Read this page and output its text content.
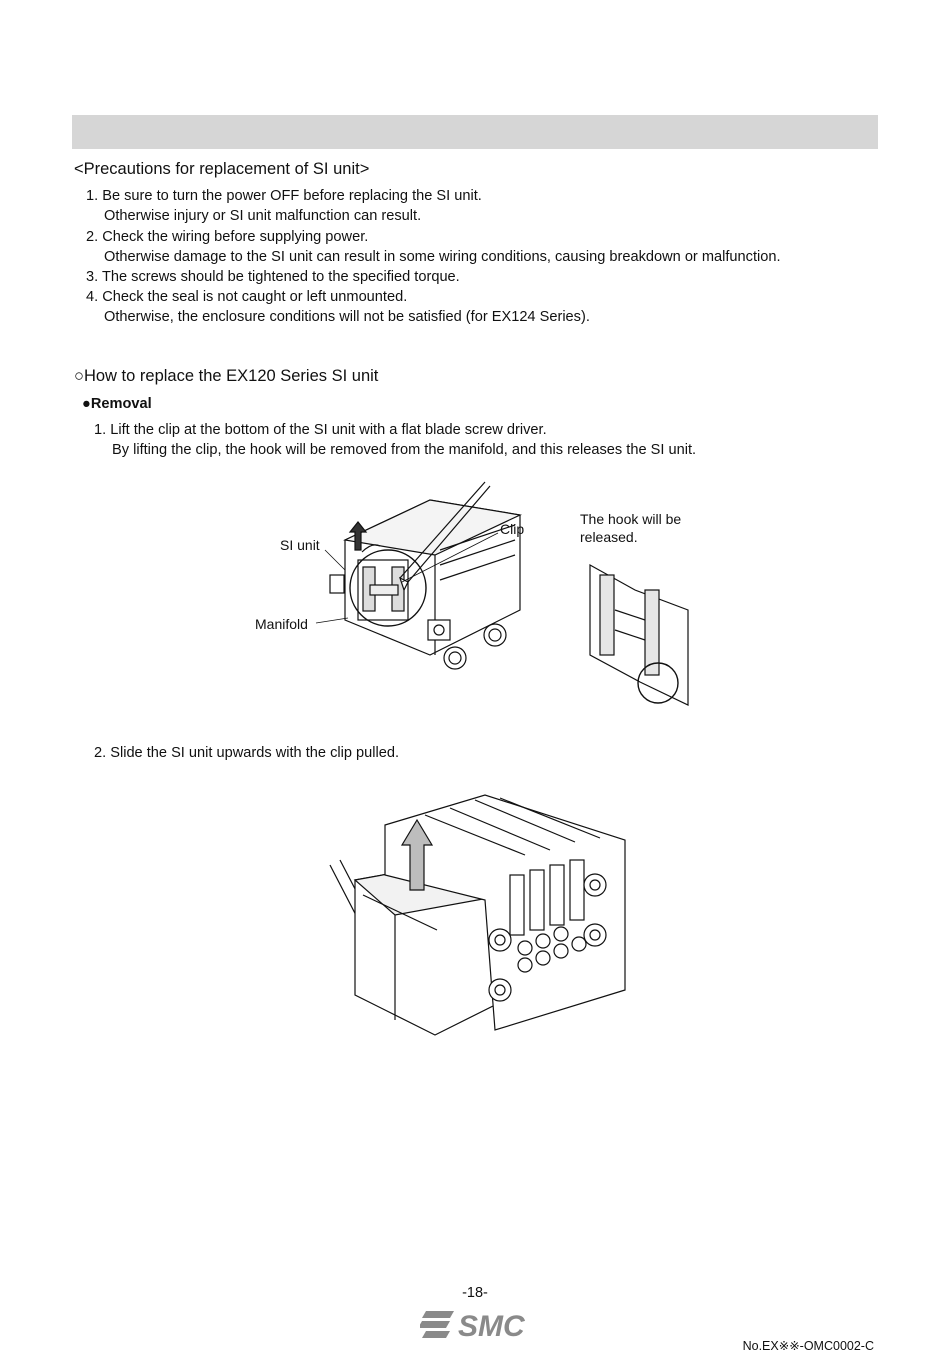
<Precautions for replacement of SI unit>
1. Be sure to turn the power OFF before replacing the SI unit.
Otherwise injury or SI unit malfunction can result.
2. Check the wiring before supplying power.
Otherwise damage to the SI unit can result in some wiring conditions, causing breakdown or malfunction.
3. The screws should be tightened to the specified torque.
4. Check the seal is not caught or left unmounted.
Otherwise, the enclosure conditions will not be satisfied (for EX124 Series).
○How to replace the EX120 Series SI unit
●Removal
1. Lift the clip at the bottom of the SI unit with a flat blade screw driver.
By lifting the clip, the hook will be removed from the manifold, and this releases the SI unit.
SI unit
Clip
Manifold
The hook will be
released.
2. Slide the SI unit upwards with the clip pulled.
-18-
SMC
No.EX※※-OMC0002-C
